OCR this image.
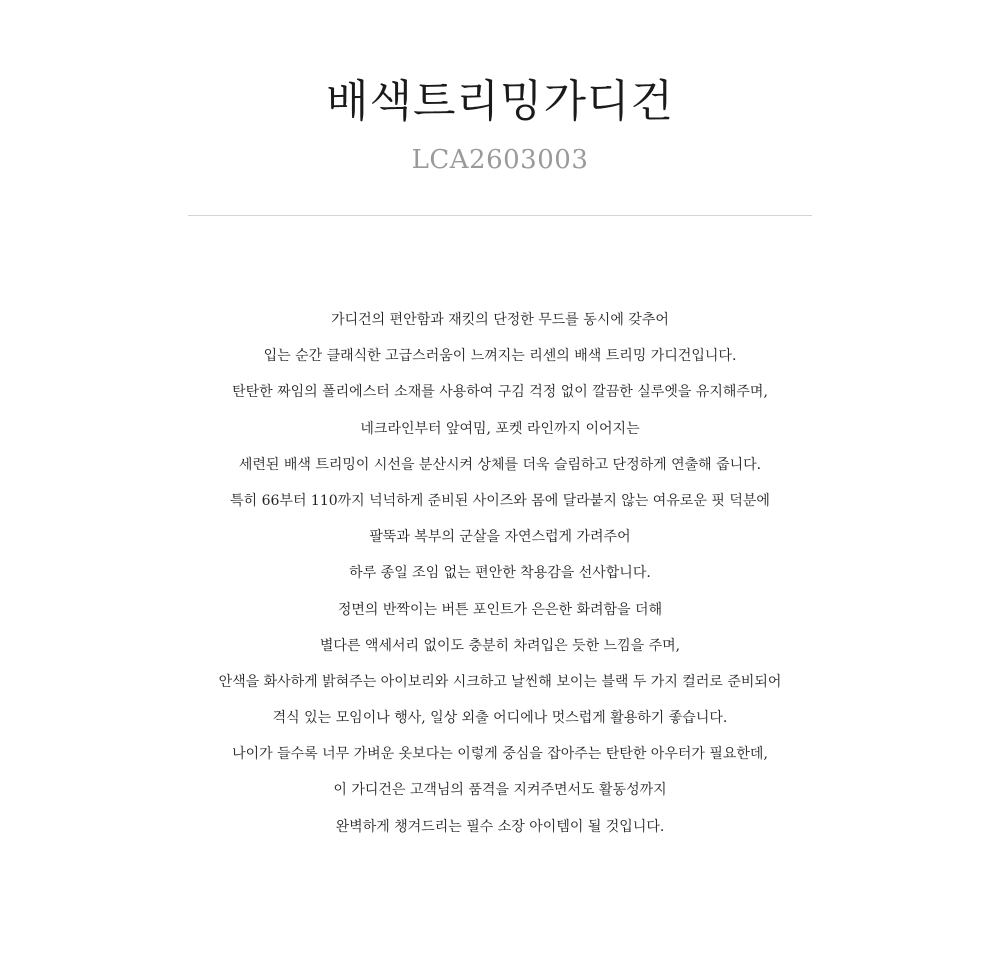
배색트리밍가디건
LCA2603003
가디건의 편안함과 재킷의 단정한 무드를 동시에 갖추어
입는 순간 클래식한 고급스러움이 느껴지는 리센의 배색 트리밍 가디건입니다.
탄탄한 짜임의 폴리에스터 소재를 사용하여 구김 걱정 없이 깔끔한 실루엣을 유지해주며,
네크라인부터 앞여밈, 포켓 라인까지 이어지는
세련된 배색 트리밍이 시선을 분산시켜 상체를 더욱 슬림하고 단정하게 연출해 줍니다.
특히 66부터 110까지 넉넉하게 준비된 사이즈와 몸에 달라붙지 않는 여유로운 핏 덕분에
팔뚝과 복부의 군살을 자연스럽게 가려주어
하루 종일 조임 없는 편안한 착용감을 선사합니다.
정면의 반짝이는 버튼 포인트가 은은한 화려함을 더해
별다른 액세서리 없이도 충분히 차려입은 듯한 느낌을 주며,
안색을 화사하게 밝혀주는 아이보리와 시크하고 날씬해 보이는 블랙 두 가지 컬러로 준비되어
격식 있는 모임이나 행사, 일상 외출 어디에나 멋스럽게 활용하기 좋습니다.
나이가 들수록 너무 가벼운 옷보다는 이렇게 중심을 잡아주는 탄탄한 아우터가 필요한데,
이 가디건은 고객님의 품격을 지켜주면서도 활동성까지
완벽하게 챙겨드리는 필수 소장 아이템이 될 것입니다.
